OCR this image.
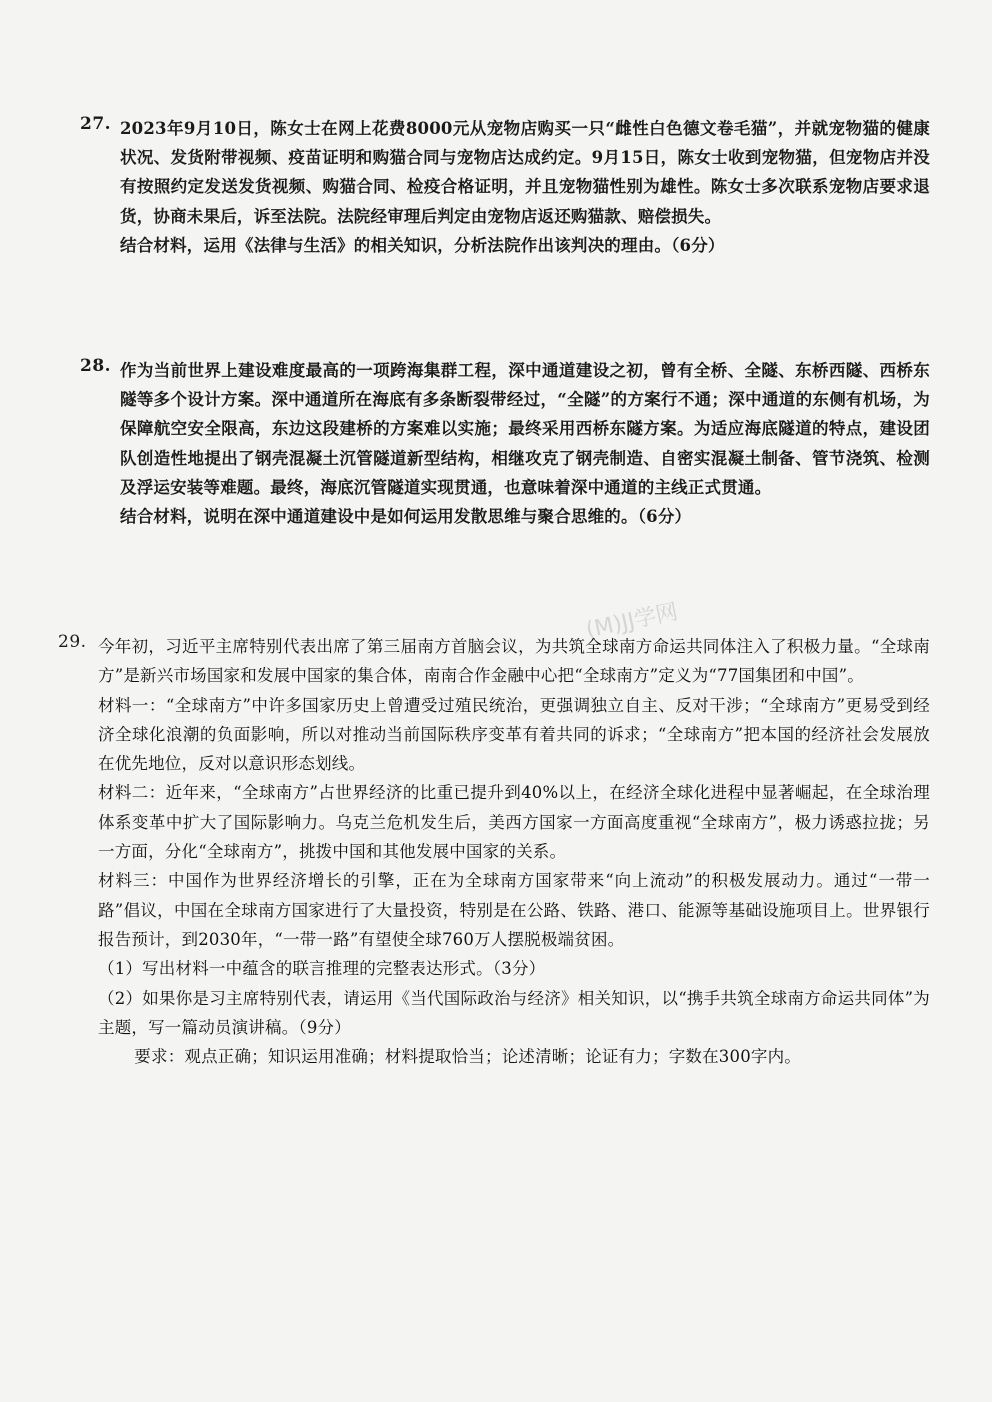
27. 2023年9月10日，陈女士在网上花费8000元从宠物店购买一只“雌性白色德文卷毛猫”，并就宠物猫的健康状况、发货附带视频、疫苗证明和购猫合同与宠物店达成约定。9月15日，陈女士收到宠物猫，但宠物店并没有按照约定发送发货视频、购猫合同、检疫合格证明，并且宠物猫性别为雄性。陈女士多次联系宠物店要求退货，协商未果后，诉至法院。法院经审理后判定由宠物店返还购猫款、赔偿损失。

结合材料，运用《法律与生活》的相关知识，分析法院作出该判决的理由。（6分）

28. 作为当前世界上建设难度最高的一项跨海集群工程，深中通道建设之初，曾有全桥、全隧、东桥西隧、西桥东隧等多个设计方案。深中通道所在海底有多条断裂带经过，“全隧”的方案行不通；深中通道的东侧有机场，为保障航空安全限高，东边这段建桥的方案难以实施；最终采用西桥东隧方案。为适应海底隧道的特点，建设团队创造性地提出了钢壳混凝土沉管隧道新型结构，相继攻克了钢壳制造、自密实混凝土制备、管节浇筑、检测及浮运安装等难题。最终，海底沉管隧道实现贯通，也意味着深中通道的主线正式贯通。

结合材料，说明在深中通道建设中是如何运用发散思维与聚合思维的。（6分）

(M)JJ学网
29. 今年初，习近平主席特别代表出席了第三届南方首脑会议，为共筑全球南方命运共同体注入了积极力量。“全球南方”是新兴市场国家和发展中国家的集合体，南南合作金融中心把“全球南方”定义为“77国集团和中国”。

材料一：“全球南方”中许多国家历史上曾遭受过殖民统治，更强调独立自主、反对干涉；“全球南方”更易受到经济全球化浪潮的负面影响，所以对推动当前国际秩序变革有着共同的诉求；“全球南方”把本国的经济社会发展放在优先地位，反对以意识形态划线。

材料二：近年来，“全球南方”占世界经济的比重已提升到40%以上，在经济全球化进程中显著崛起，在全球治理体系变革中扩大了国际影响力。乌克兰危机发生后，美西方国家一方面高度重视“全球南方”，极力诱惑拉拢；另一方面，分化“全球南方”，挑拨中国和其他发展中国家的关系。

材料三：中国作为世界经济增长的引擎，正在为全球南方国家带来“向上流动”的积极发展动力。通过“一带一路”倡议，中国在全球南方国家进行了大量投资，特别是在公路、铁路、港口、能源等基础设施项目上。世界银行报告预计，到2030年，“一带一路”有望使全球760万人摆脱极端贫困。

（1）写出材料一中蕴含的联言推理的完整表达形式。（3分）

（2）如果你是习主席特别代表，请运用《当代国际政治与经济》相关知识，以“携手共筑全球南方命运共同体”为主题，写一篇动员演讲稿。（9分）

要求：观点正确；知识运用准确；材料提取恰当；论述清晰；论证有力；字数在300字内。
